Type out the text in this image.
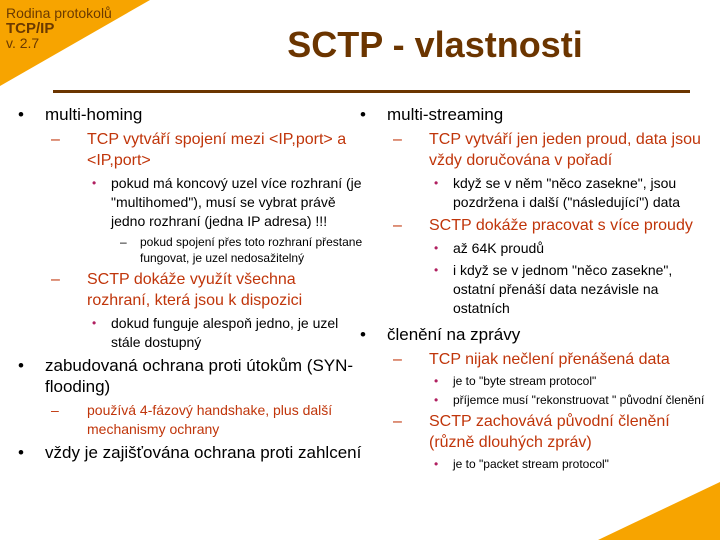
Rodina protokolů
TCP/IP
v. 2.7	SCTP - vlastnosti
• multi-homing
– TCP vytváří spojení mezi <IP,port> a <IP,port>
• pokud má koncový uzel více rozhraní (je "multihomed"), musí se vybrat právě jedno rozhraní (jedna IP adresa) !!!
– pokud spojení přes toto rozhraní přestane fungovat, je uzel nedosažitelný
– SCTP dokáže využít všechna rozhraní, která jsou k dispozici
• dokud funguje alespoň jedno, je uzel stále dostupný
• zabudovaná ochrana proti útokům (SYN-flooding)
– používá 4-fázový handshake, plus další mechanismy ochrany
• vždy je zajišťována ochrana proti zahlcení
• multi-streaming
– TCP vytváří jen jeden proud, data jsou vždy doručována v pořadí
• když se v něm "něco zasekne", jsou pozdržena i další ("následující") data
– SCTP dokáže pracovat s více proudy
• až 64K proudů
• i když se v jednom "něco zasekne", ostatní přenáší data nezávisle na ostatních
• členění na zprávy
– TCP nijak nečlení přenášená data
• je to "byte stream protocol"
• příjemce musí "rekonstruovat " původní členění
– SCTP zachovává původní členění (různě dlouhých zpráv)
• je to "packet stream protocol"
